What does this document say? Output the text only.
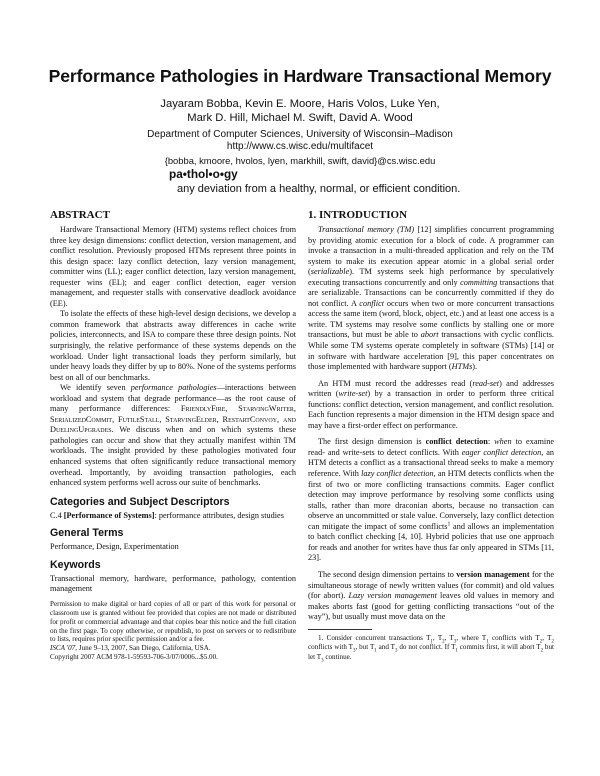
Performance Pathologies in Hardware Transactional Memory
Jayaram Bobba, Kevin E. Moore, Haris Volos, Luke Yen,
Mark D. Hill, Michael M. Swift, David A. Wood
Department of Computer Sciences, University of Wisconsin–Madison
http://www.cs.wisc.edu/multifacet
{bobba, kmoore, hvolos, lyen, markhill, swift, david}@cs.wisc.edu
pa•thol•o•gy
any deviation from a healthy, normal, or efficient condition.
ABSTRACT

Hardware Transactional Memory (HTM) systems reflect choices from three key design dimensions: conflict detection, version management, and conflict resolution. Previously proposed HTMs represent three points in this design space: lazy conflict detection, lazy version management, committer wins (LL); eager conflict detection, lazy version management, requester wins (EL); and eager conflict detection, eager version management, and requester stalls with conservative deadlock avoidance (EE).

To isolate the effects of these high-level design decisions, we develop a common framework that abstracts away differences in cache write policies, interconnects, and ISA to compare these three design points. Not surprisingly, the relative performance of these systems depends on the workload. Under light transactional loads they perform similarly, but under heavy loads they differ by up to 80%. None of the systems performs best on all of our benchmarks.

We identify seven performance pathologies—interactions between workload and system that degrade performance—as the root cause of many performance differences: FriendlyFire, StarvingWriter, SerializedCommit, FutileStall, StarvingElder, RestartConvoy, and DuelingUpgrades. We discuss when and on which systems these pathologies can occur and show that they actually manifest within TM workloads. The insight provided by these pathologies motivated four enhanced systems that often significantly reduce transactional memory overhead. Importantly, by avoiding transaction pathologies, each enhanced system performs well across our suite of benchmarks.

Categories and Subject Descriptors

C.4 [Performance of Systems]: performance attributes, design studies

General Terms

Performance, Design, Experimentation

Keywords

Transactional memory, hardware, performance, pathology, contention management

Permission to make digital or hard copies of all or part of this work for personal or classroom use is granted without fee provided that copies are not made or distributed for profit or commercial advantage and that copies bear this notice and the full citation on the first page. To copy otherwise, or republish, to post on servers or to redistribute to lists, requires prior specific permission and/or a fee.

ISCA '07, June 9–13, 2007, San Diego, California, USA.

Copyright 2007 ACM 978-1-59593-706-3/07/0006...$5.00.

1. INTRODUCTION

Transactional memory (TM) [12] simplifies concurrent programming by providing atomic execution for a block of code. A programmer can invoke a transaction in a multi-threaded application and rely on the TM system to make its execution appear atomic in a global serial order (serializable). TM systems seek high performance by speculatively executing transactions concurrently and only committing transactions that are serializable. Transactions can be concurrently committed if they do not conflict. A conflict occurs when two or more concurrent transactions access the same item (word, block, object, etc.) and at least one access is a write. TM systems may resolve some conflicts by stalling one or more transactions, but must be able to abort transactions with cyclic conflicts. While some TM systems operate completely in software (STMs) [14] or in software with hardware acceleration [9], this paper concentrates on those implemented with hardware support (HTMs).

An HTM must record the addresses read (read-set) and addresses written (write-set) by a transaction in order to perform three critical functions: conflict detection, version management, and conflict resolution. Each function represents a major dimension in the HTM design space and may have a first-order effect on performance.

The first design dimension is conflict detection: when to examine read- and write-sets to detect conflicts. With eager conflict detection, an HTM detects a conflict as a transactional thread seeks to make a memory reference. With lazy conflict detection, an HTM detects conflicts when the first of two or more conflicting transactions commits. Eager conflict detection may improve performance by resolving some conflicts using stalls, rather than more draconian aborts, because no transaction can observe an uncommitted or stale value. Conversely, lazy conflict detection can mitigate the impact of some conflicts$^1$ and allows an implementation to batch conflict checking [4, 10]. Hybrid policies that use one approach for reads and another for writes have thus far only appeared in STMs [11, 23].

The second design dimension pertains to version management for the simultaneous storage of newly written values (for commit) and old values (for abort). Lazy version management leaves old values in memory and makes aborts fast (good for getting conflicting transactions “out of the way”), but usually must move data on the

1. Consider concurrent transactions $T_1$, $T_2$, $T_3$, where $T_1$ conflicts with $T_2$, $T_2$ conflicts with $T_3$, but $T_1$ and $T_3$ do not conflict. If $T_1$ commits first, it will abort $T_2$ but let $T_3$ continue.
